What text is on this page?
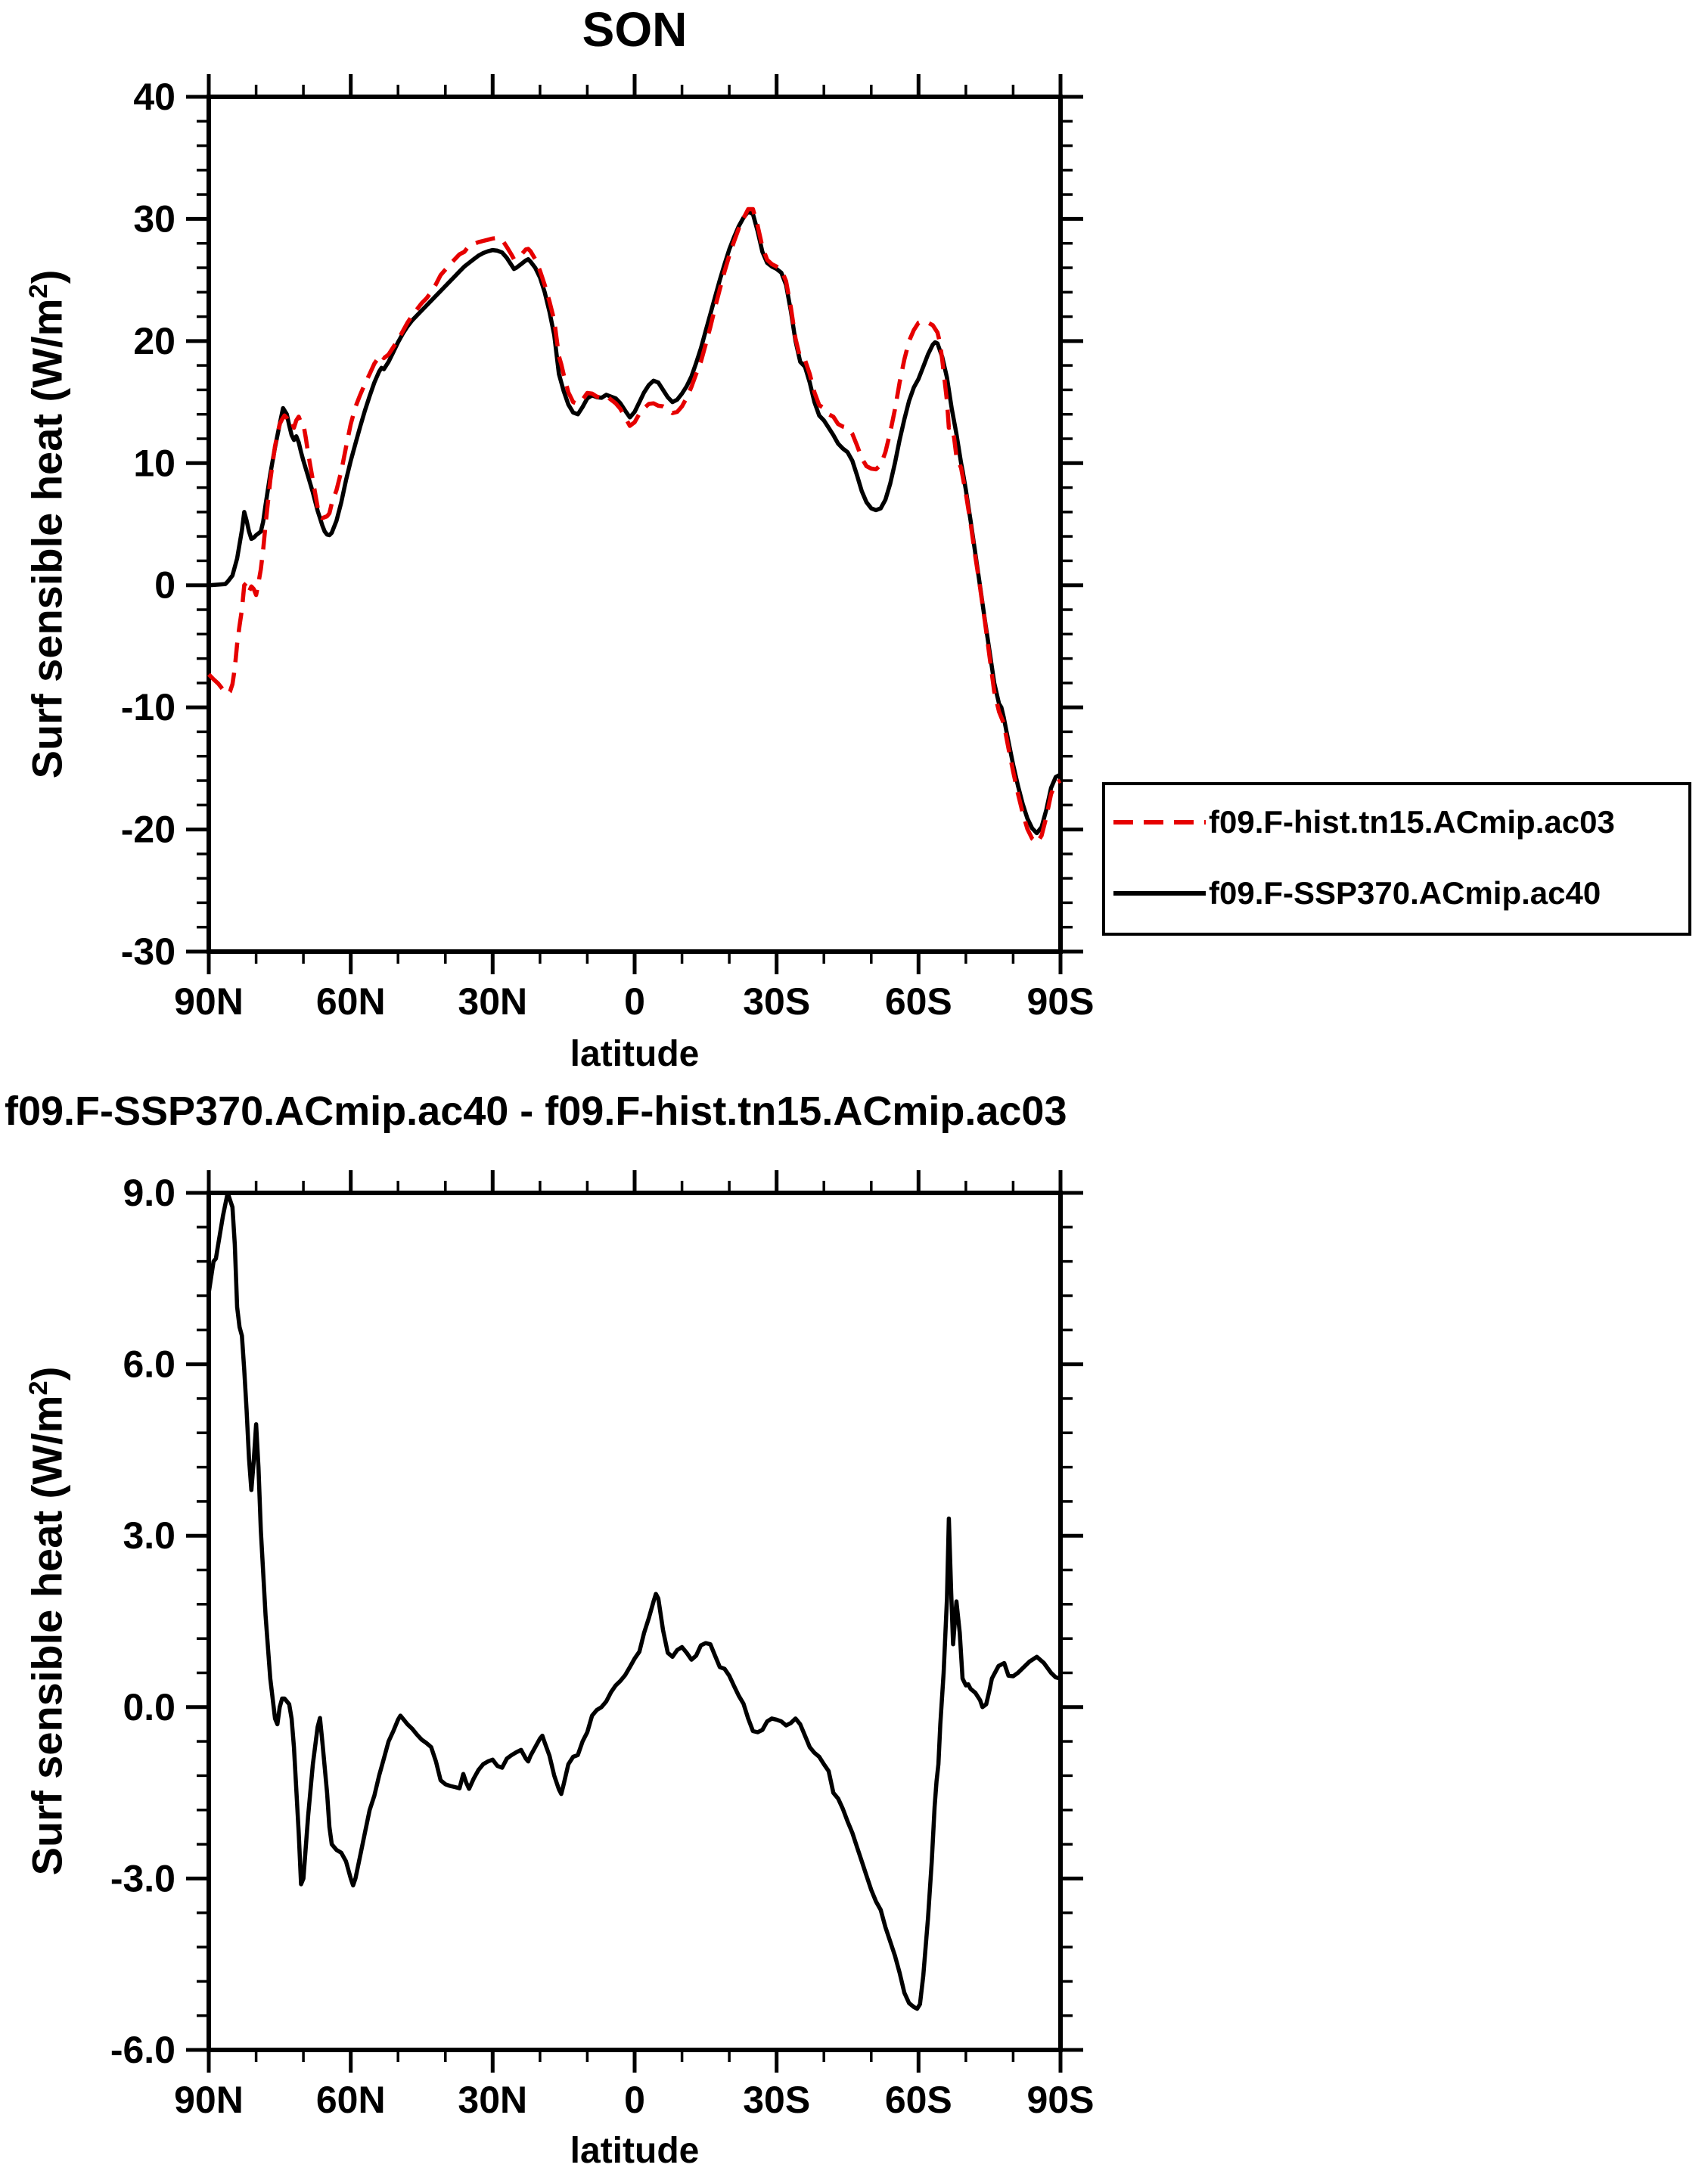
90N 60N 30N	0	30S 60S 90S
40
30
20
10
0
-10
-20
-30
90N 60N 30N	0	30S 60S 90S
9.0
6.0
3.0
0.0
-3.0
-6.0
SON
f09.F-SSP370.ACmip.ac40 - f09.F-hist.tn15.ACmip.ac03
Surf sensible heat $(W/m^2)$
Surf sensible heat $(W/m^2)$
latitude
latitude
f09.F-hist.tn15.ACmip.ac03
f09.F-SSP370.ACmip.ac40
